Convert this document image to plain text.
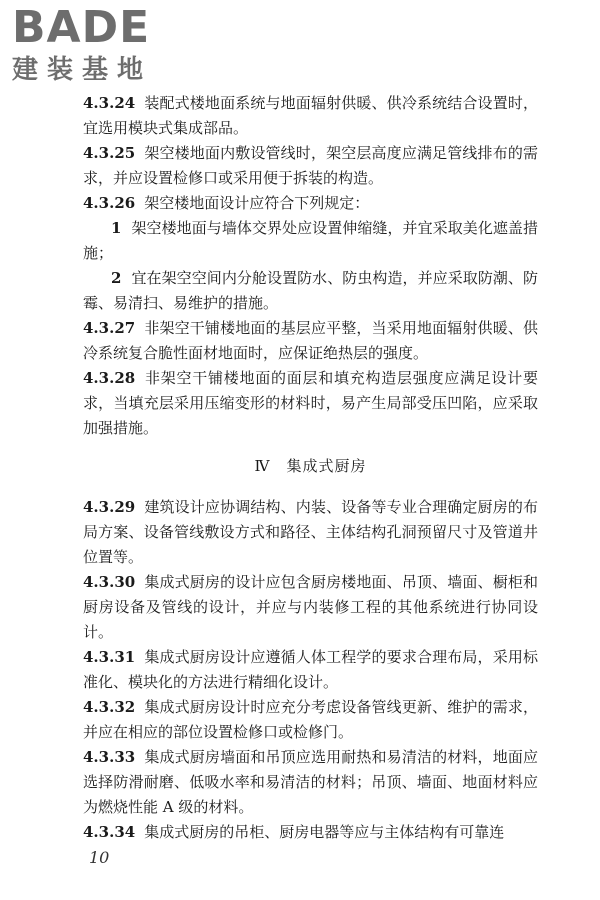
BADE
建装基地

4.3.24 装配式楼地面系统与地面辐射供暖、供冷系统结合设置时，宜选用模块式集成部品。

4.3.25 架空楼地面内敷设管线时，架空层高度应满足管线排布的需求，并应设置检修口或采用便于拆装的构造。

4.3.26 架空楼地面设计应符合下列规定：

1 架空楼地面与墙体交界处应设置伸缩缝，并宜采取美化遮盖措施；

2 宜在架空空间内分舱设置防水、防虫构造，并应采取防潮、防霉、易清扫、易维护的措施。

4.3.27 非架空干铺楼地面的基层应平整，当采用地面辐射供暖、供冷系统复合脆性面材地面时，应保证绝热层的强度。

4.3.28 非架空干铺楼地面的面层和填充构造层强度应满足设计要求，当填充层采用压缩变形的材料时，易产生局部受压凹陷，应采取加强措施。

Ⅳ 集成式厨房

4.3.29 建筑设计应协调结构、内装、设备等专业合理确定厨房的布局方案、设备管线敷设方式和路径、主体结构孔洞预留尺寸及管道井位置等。

4.3.30 集成式厨房的设计应包含厨房楼地面、吊顶、墙面、橱柜和厨房设备及管线的设计，并应与内装修工程的其他系统进行协同设计。

4.3.31 集成式厨房设计应遵循人体工程学的要求合理布局，采用标准化、模块化的方法进行精细化设计。

4.3.32 集成式厨房设计时应充分考虑设备管线更新、维护的需求，并应在相应的部位设置检修口或检修门。

4.3.33 集成式厨房墙面和吊顶应选用耐热和易清洁的材料，地面应选择防滑耐磨、低吸水率和易清洁的材料；吊顶、墙面、地面材料应为燃烧性能 A 级的材料。

4.3.34 集成式厨房的吊柜、厨房电器等应与主体结构有可靠连

10
